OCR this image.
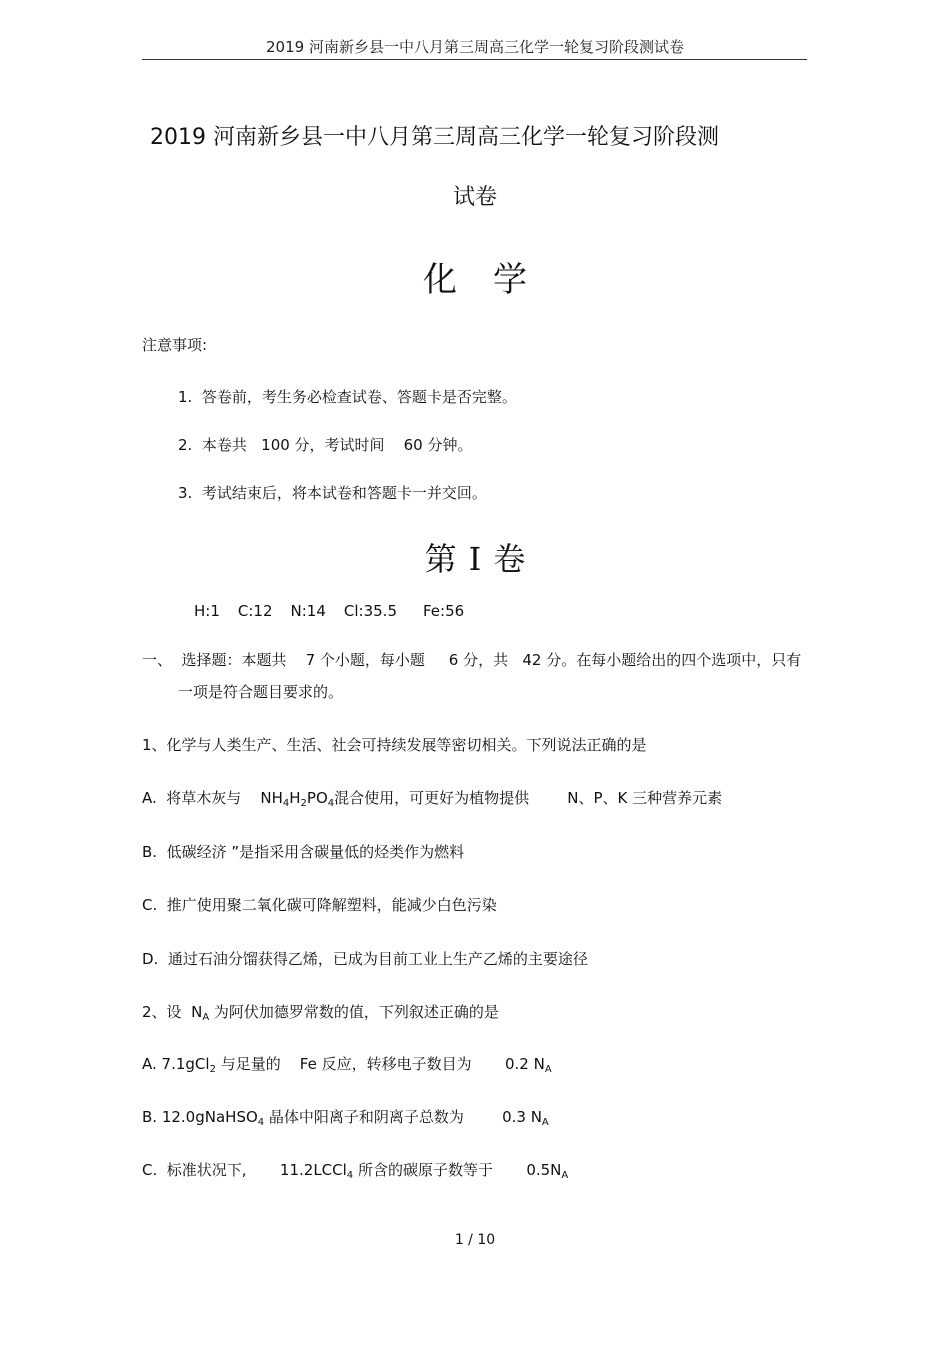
2019 河南新乡县一中八月第三周高三化学一轮复习阶段测试卷
2019 河南新乡县一中八月第三周高三化学一轮复习阶段测
试卷
化学
注意事项:
1.  答卷前，考生务必检查试卷、答题卡是否完整。
2.  本卷共   100 分，考试时间    60 分钟。
3.  考试结束后，将本试卷和答题卡一并交回。
第 I 卷
H:1 C:12 N:14 Cl:35.5 Fe:56
一、  选择题：本题共    7 个小题，每小题     6 分，共   42 分。在每小题给出的四个选项中，只有
一项是符合题目要求的。
1、化学与人类生产、生活、社会可持续发展等密切相关。下列说法正确的是
A.  将草木灰与    $NH_4H_2PO_4$混合使用，可更好为植物提供        N、P、K 三种营养元素
B.  低碳经济 ”是指采用含碳量低的烃类作为燃料
C.  推广使用聚二氧化碳可降解塑料，能减少白色污染
D.  通过石油分馏获得乙烯，已成为目前工业上生产乙烯的主要途径
2、设  $N_A$ 为阿伏加德罗常数的值，下列叙述正确的是
A. 7.1gCl$_2$ 与足量的    Fe 反应，转移电子数目为       0.2 $N_A$
B. 12.0gNaHSO$_4$ 晶体中阳离子和阴离子总数为        0.3 $N_A$
C.  标准状况下,       11.2LCCl$_4$ 所含的碳原子数等于       $0.5N_A$
1 / 10
